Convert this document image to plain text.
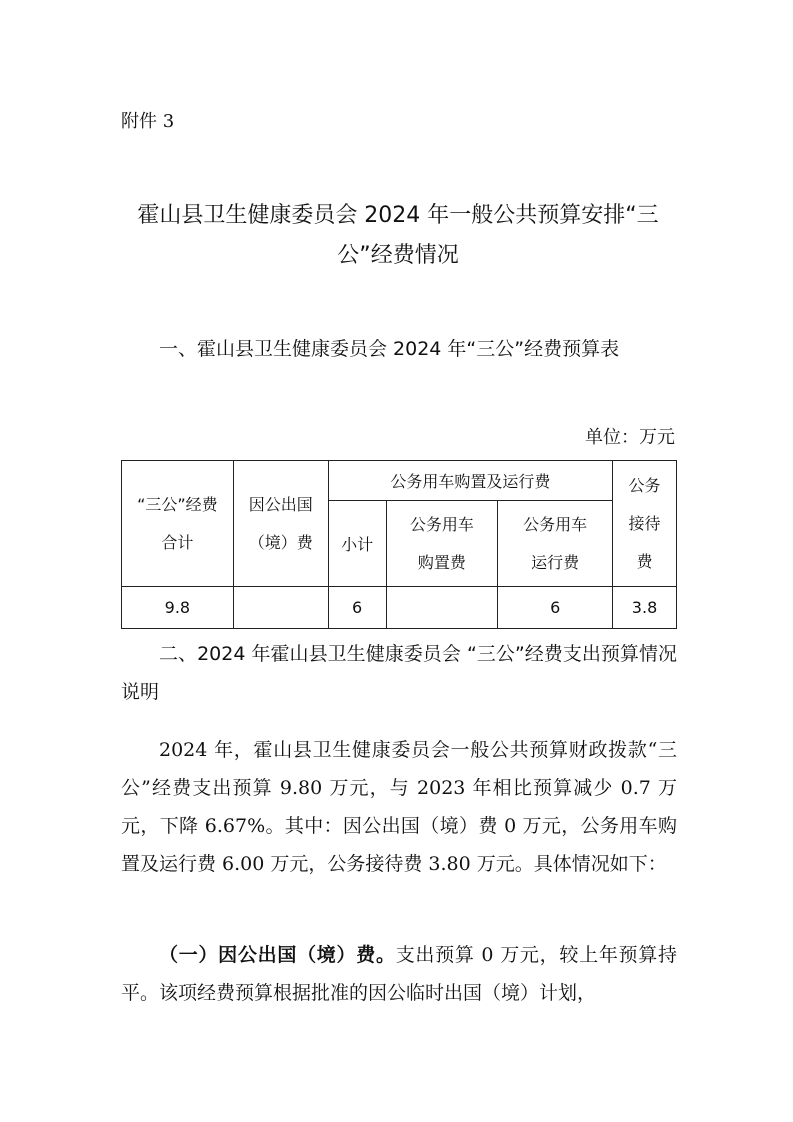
附件 3
霍山县卫生健康委员会 2024 年一般公共预算安排“三公”经费情况

一、霍山县卫生健康委员会 2024 年“三公”经费预算表

单位：万元
“三公”经费合计	因公出国（境）费	公务用车购置及运行费			公务接待费
		小计	公务用车购置费	公务用车运行费	
9.8		6		6	3.8

二、2024 年霍山县卫生健康委员会 “三公”经费支出预算情况说明

2024 年，霍山县卫生健康委员会一般公共预算财政拨款“三公”经费支出预算 9.80 万元，与 2023 年相比预算减少 0.7 万元，下降 6.67%。其中：因公出国（境）费 0 万元，公务用车购置及运行费 6.00 万元，公务接待费 3.80 万元。具体情况如下：

（一）因公出国（境）费。支出预算 0 万元，较上年预算持平。该项经费预算根据批准的因公临时出国（境）计划，
